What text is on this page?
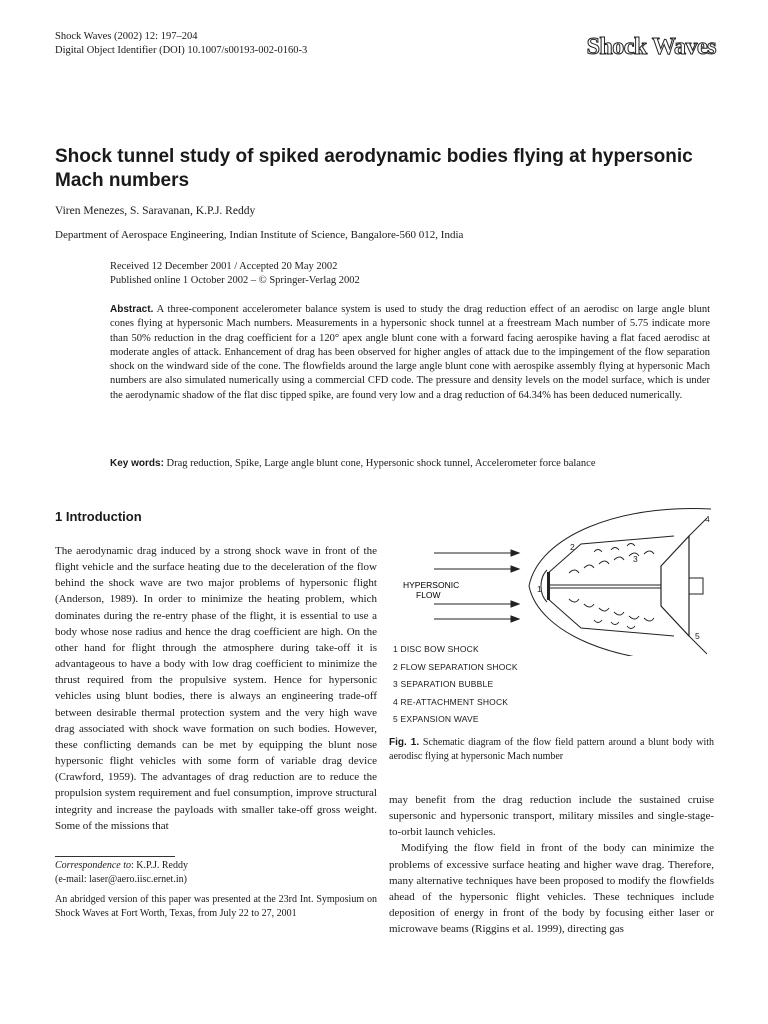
Shock Waves (2002) 12: 197–204
Digital Object Identifier (DOI) 10.1007/s00193-002-0160-3	Shock Waves
Shock tunnel study of spiked aerodynamic bodies flying at hypersonic Mach numbers
Viren Menezes, S. Saravanan, K.P.J. Reddy
Department of Aerospace Engineering, Indian Institute of Science, Bangalore-560 012, India
Received 12 December 2001 / Accepted 20 May 2002
Published online 1 October 2002 – © Springer-Verlag 2002
Abstract. A three-component accelerometer balance system is used to study the drag reduction effect of an aerodisc on large angle blunt cones flying at hypersonic Mach numbers. Measurements in a hypersonic shock tunnel at a freestream Mach number of 5.75 indicate more than 50% reduction in the drag coefficient for a 120° apex angle blunt cone with a forward facing aerospike having a flat faced aerodisc at moderate angles of attack. Enhancement of drag has been observed for higher angles of attack due to the impingement of the flow separation shock on the windward side of the cone. The flowfields around the large angle blunt cone with aerospike assembly flying at hypersonic Mach numbers are also simulated numerically using a commercial CFD code. The pressure and density levels on the model surface, which is under the aerodynamic shadow of the flat disc tipped spike, are found very low and a drag reduction of 64.34% has been deduced numerically.
Key words: Drag reduction, Spike, Large angle blunt cone, Hypersonic shock tunnel, Accelerometer force balance
1 Introduction

The aerodynamic drag induced by a strong shock wave in front of the flight vehicle and the surface heating due to the deceleration of the flow behind the shock wave are two major problems of hypersonic flight (Anderson, 1989). In order to minimize the heating problem, which dominates during the re-entry phase of the flight, it is essential to use a body whose nose radius and hence the drag coefficient are high. On the other hand for flight through the atmosphere during take-off it is advantageous to have a body with low drag coefficient to minimize the thrust required from the propulsive system. Hence for hypersonic vehicles using blunt bodies, there is always an engineering trade-off between desirable thermal protection system and the very high wave drag associated with shock wave formation on such bodies. However, these conflicting demands can be met by equipping the blunt nose hypersonic flight vehicles with some form of variable drag device (Crawford, 1959). The advantages of drag reduction are to reduce the propulsion system requirement and fuel consumption, improve structural integrity and increase the payloads with smaller take-off gross weight. Some of the missions that

Correspondence to: K.P.J. Reddy
(e-mail: laser@aero.iisc.ernet.in)
An abridged version of this paper was presented at the 23rd Int. Symposium on Shock Waves at Fort Worth, Texas, from July 22 to 27, 2001
HYPERSONIC
FLOW
1
2
3
4
5
1 DISC BOW SHOCK
2 FLOW SEPARATION SHOCK
3 SEPARATION BUBBLE
4 RE-ATTACHMENT SHOCK
5 EXPANSION WAVE
Fig. 1. Schematic diagram of the flow field pattern around a blunt body with aerodisc flying at hypersonic Mach number

may benefit from the drag reduction include the sustained cruise supersonic and hypersonic transport, military missiles and single-stage-to-orbit launch vehicles.

Modifying the flow field in front of the body can minimize the problems of excessive surface heating and higher wave drag. Therefore, many alternative techniques have been proposed to modify the flowfields ahead of the hypersonic flight vehicles. These techniques include deposition of energy in front of the body by focusing either laser or microwave beams (Riggins et al. 1999), directing gas
